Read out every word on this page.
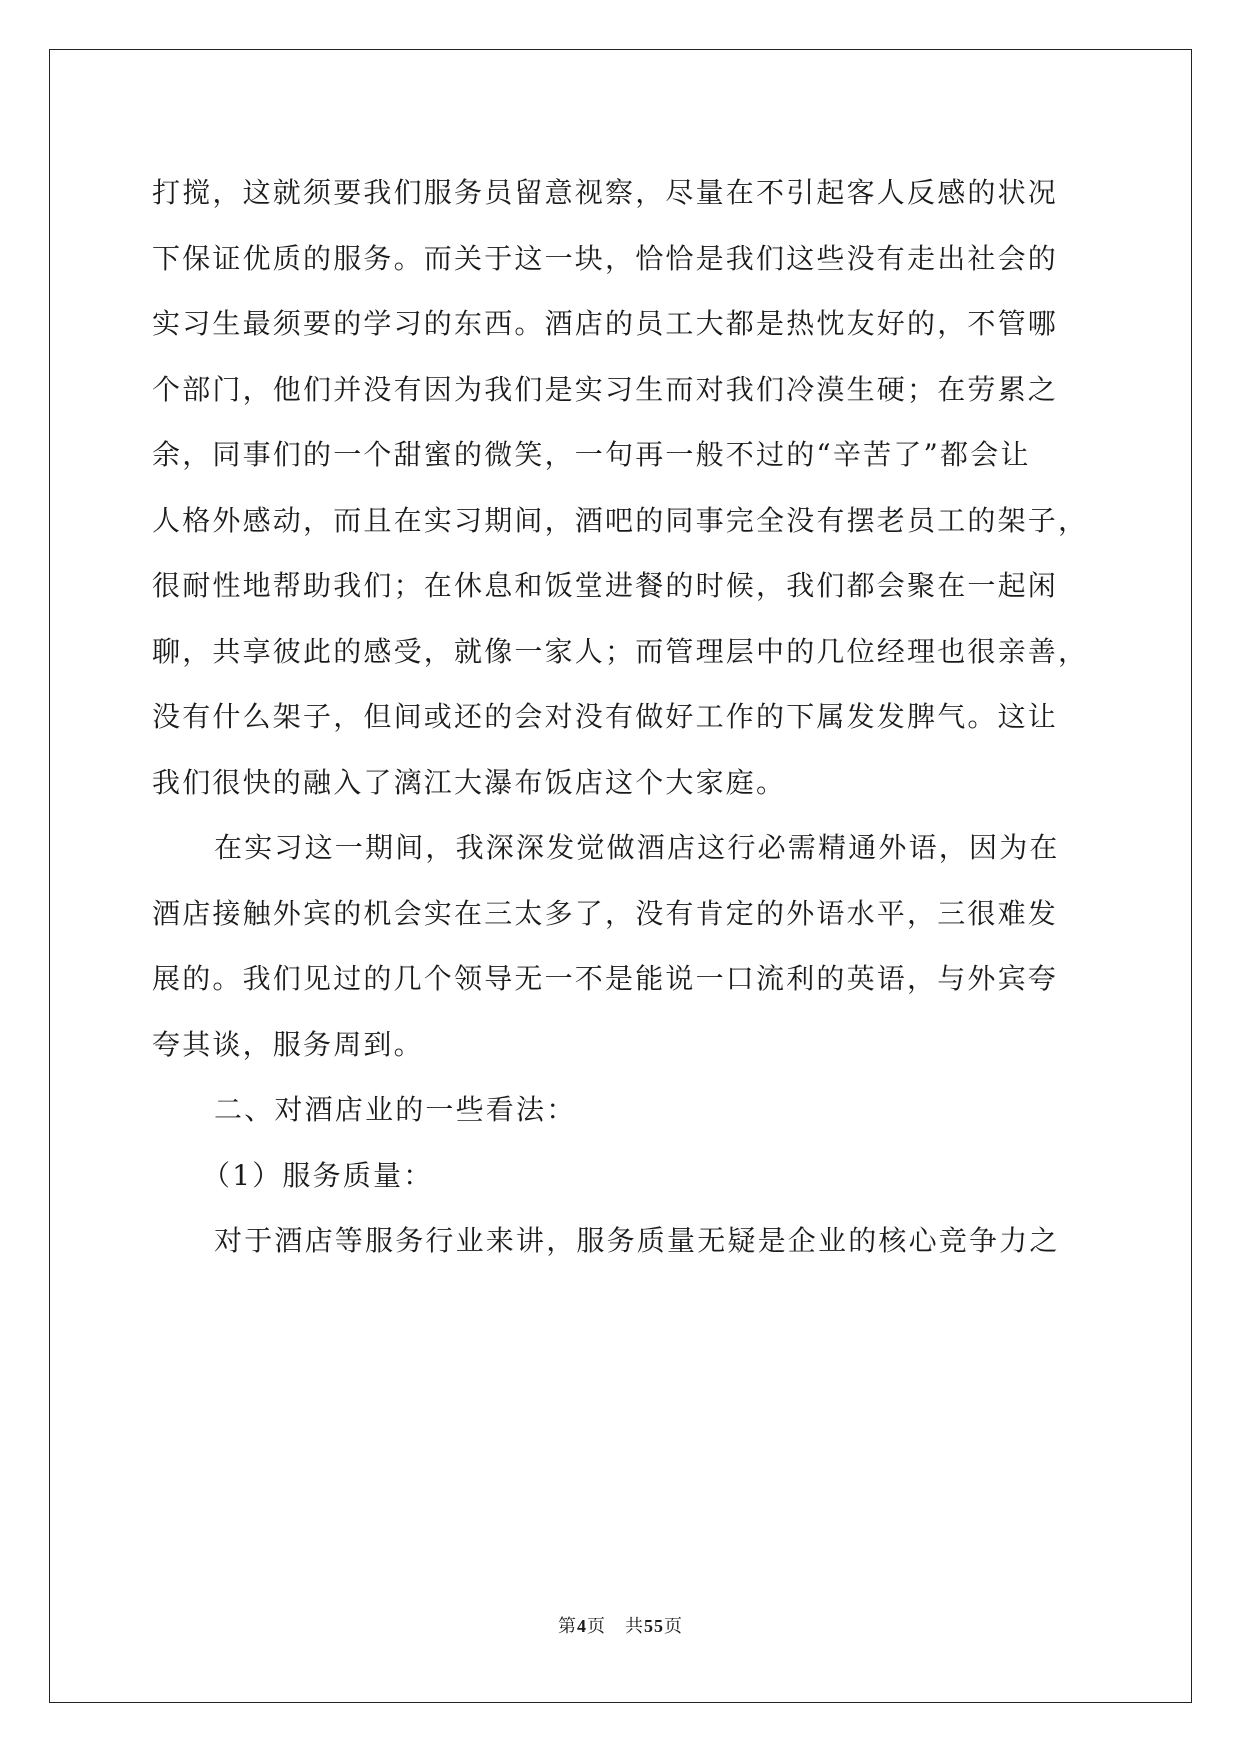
打搅，这就须要我们服务员留意视察，尽量在不引起客人反感的状况
下保证优质的服务。而关于这一块，恰恰是我们这些没有走出社会的
实习生最须要的学习的东西。酒店的员工大都是热忱友好的，不管哪
个部门，他们并没有因为我们是实习生而对我们冷漠生硬；在劳累之
余，同事们的一个甜蜜的微笑，一句再一般不过的“辛苦了”都会让
人格外感动，而且在实习期间，酒吧的同事完全没有摆老员工的架子，
很耐性地帮助我们；在休息和饭堂进餐的时候，我们都会聚在一起闲
聊，共享彼此的感受，就像一家人；而管理层中的几位经理也很亲善，
没有什么架子，但间或还的会对没有做好工作的下属发发脾气。这让
我们很快的融入了漓江大瀑布饭店这个大家庭。
在实习这一期间，我深深发觉做酒店这行必需精通外语，因为在
酒店接触外宾的机会实在三太多了，没有肯定的外语水平，三很难发
展的。我们见过的几个领导无一不是能说一口流利的英语，与外宾夸
夸其谈，服务周到。
二、对酒店业的一些看法：
（1）服务质量：
对于酒店等服务行业来讲，服务质量无疑是企业的核心竞争力之
第4页　共55页
